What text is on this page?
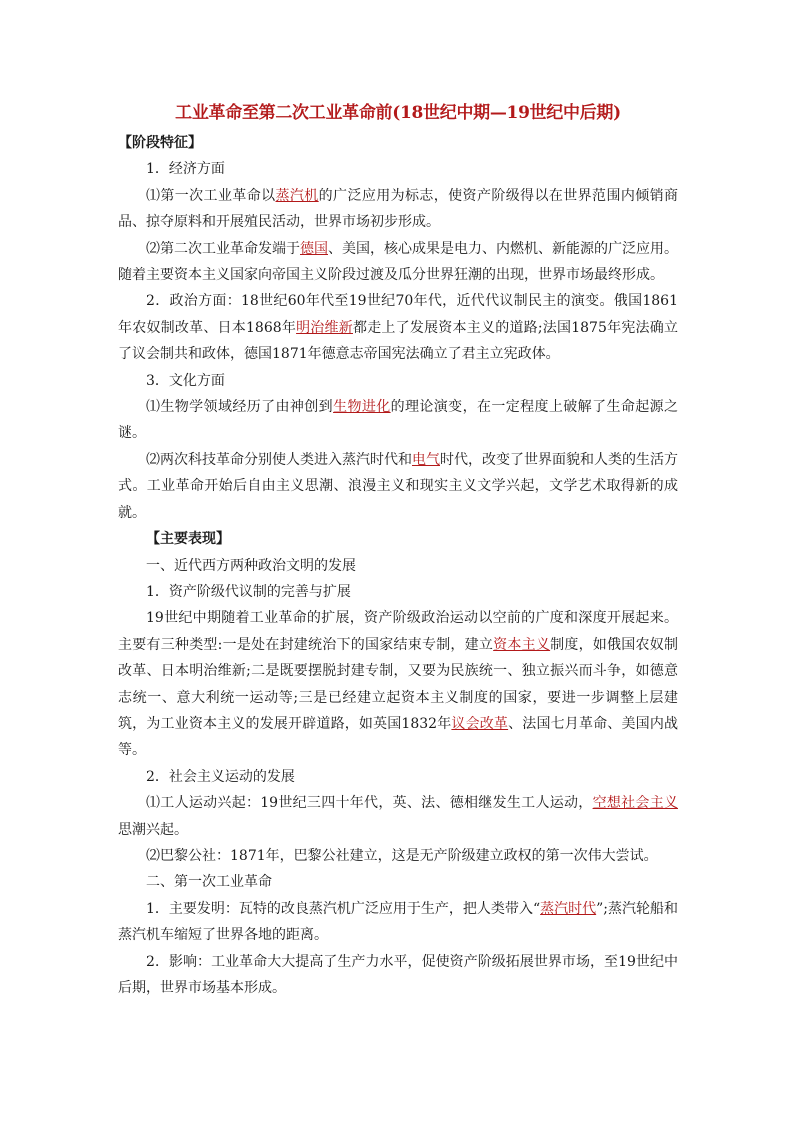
工业革命至第二次工业革命前(18世纪中期—19世纪中后期)

【阶段特征】

1．经济方面

⑴第一次工业革命以蒸汽机的广泛应用为标志，使资产阶级得以在世界范围内倾销商品、掠夺原料和开展殖民活动，世界市场初步形成。

⑵第二次工业革命发端于德国、美国，核心成果是电力、内燃机、新能源的广泛应用。随着主要资本主义国家向帝国主义阶段过渡及瓜分世界狂潮的出现，世界市场最终形成。

2．政治方面：18世纪60年代至19世纪70年代，近代代议制民主的演变。俄国1861年农奴制改革、日本1868年明治维新都走上了发展资本主义的道路;法国1875年宪法确立了议会制共和政体，德国1871年德意志帝国宪法确立了君主立宪政体。

3．文化方面

⑴生物学领域经历了由神创到生物进化的理论演变，在一定程度上破解了生命起源之谜。

⑵两次科技革命分别使人类进入蒸汽时代和电气时代，改变了世界面貌和人类的生活方式。工业革命开始后自由主义思潮、浪漫主义和现实主义文学兴起，文学艺术取得新的成就。

【主要表现】

一、近代西方两种政治文明的发展

1．资产阶级代议制的完善与扩展

19世纪中期随着工业革命的扩展，资产阶级政治运动以空前的广度和深度开展起来。主要有三种类型:一是处在封建统治下的国家结束专制，建立资本主义制度，如俄国农奴制改革、日本明治维新;二是既要摆脱封建专制，又要为民族统一、独立振兴而斗争，如德意志统一、意大利统一运动等;三是已经建立起资本主义制度的国家，要进一步调整上层建筑，为工业资本主义的发展开辟道路，如英国1832年议会改革、法国七月革命、美国内战等。

2．社会主义运动的发展

⑴工人运动兴起：19世纪三四十年代，英、法、德相继发生工人运动，空想社会主义思潮兴起。

⑵巴黎公社：1871年，巴黎公社建立，这是无产阶级建立政权的第一次伟大尝试。

二、第一次工业革命

1．主要发明：瓦特的改良蒸汽机广泛应用于生产，把人类带入“蒸汽时代”;蒸汽轮船和蒸汽机车缩短了世界各地的距离。

2．影响：工业革命大大提高了生产力水平，促使资产阶级拓展世界市场，至19世纪中后期，世界市场基本形成。
